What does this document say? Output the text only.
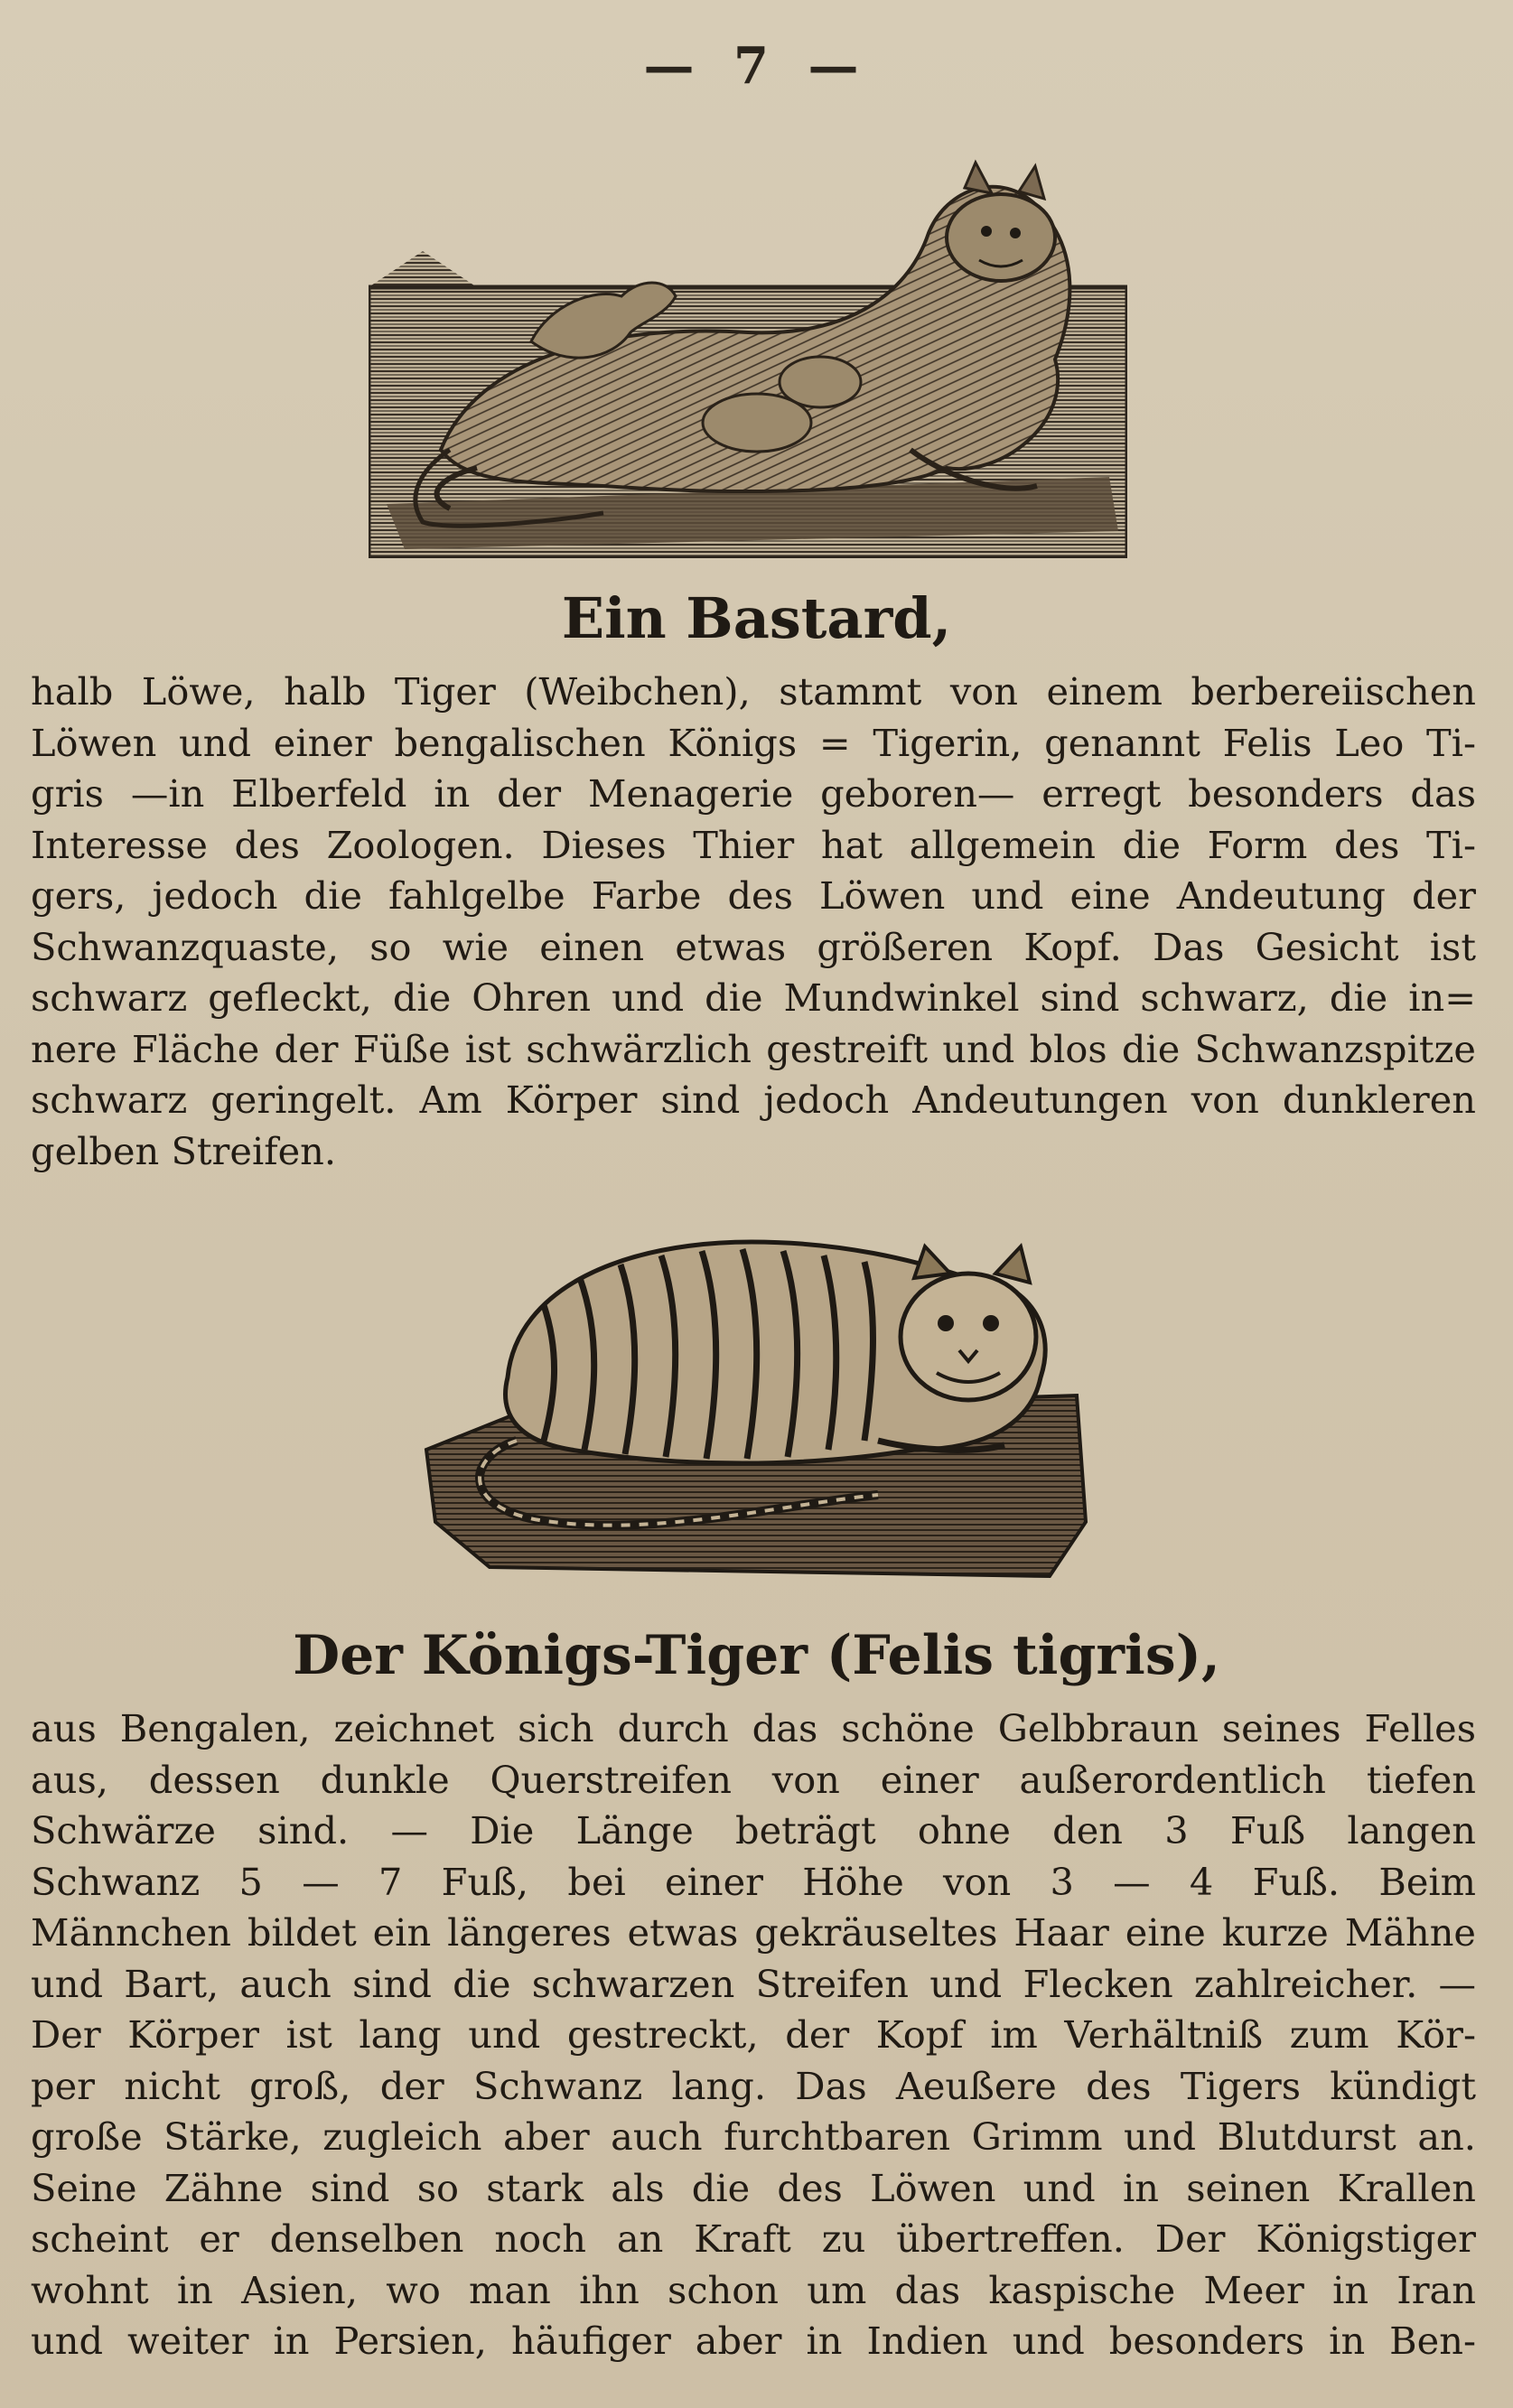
— 7 —
Ein Bastard,
halb Löwe, halb Tiger (Weibchen), stammt von einem berbereiischen
Löwen und einer bengalischen Königs = Tigerin, genannt Felis Leo Ti-
gris —in Elberfeld in der Menagerie geboren— erregt besonders das
Interesse des Zoologen. Dieses Thier hat allgemein die Form des Ti-
gers, jedoch die fahlgelbe Farbe des Löwen und eine Andeutung der
Schwanzquaste, so wie einen etwas größeren Kopf. Das Gesicht ist
schwarz gefleckt, die Ohren und die Mundwinkel sind schwarz, die in=
nere Fläche der Füße ist schwärzlich gestreift und blos die Schwanzspitze
schwarz geringelt. Am Körper sind jedoch Andeutungen von dunkleren
gelben Streifen.
Der Königs-Tiger (Felis tigris),
aus Bengalen, zeichnet sich durch das schöne Gelbbraun seines Felles
aus, dessen dunkle Querstreifen von einer außerordentlich tiefen
Schwärze sind. — Die Länge beträgt ohne den 3 Fuß langen
Schwanz 5 — 7 Fuß, bei einer Höhe von 3 — 4 Fuß. Beim
Männchen bildet ein längeres etwas gekräuseltes Haar eine kurze Mähne
und Bart, auch sind die schwarzen Streifen und Flecken zahlreicher. —
Der Körper ist lang und gestreckt, der Kopf im Verhältniß zum Kör-
per nicht groß, der Schwanz lang. Das Aeußere des Tigers kündigt
große Stärke, zugleich aber auch furchtbaren Grimm und Blutdurst an.
Seine Zähne sind so stark als die des Löwen und in seinen Krallen
scheint er denselben noch an Kraft zu übertreffen. Der Königstiger
wohnt in Asien, wo man ihn schon um das kaspische Meer in Iran
und weiter in Persien, häufiger aber in Indien und besonders in Ben-
